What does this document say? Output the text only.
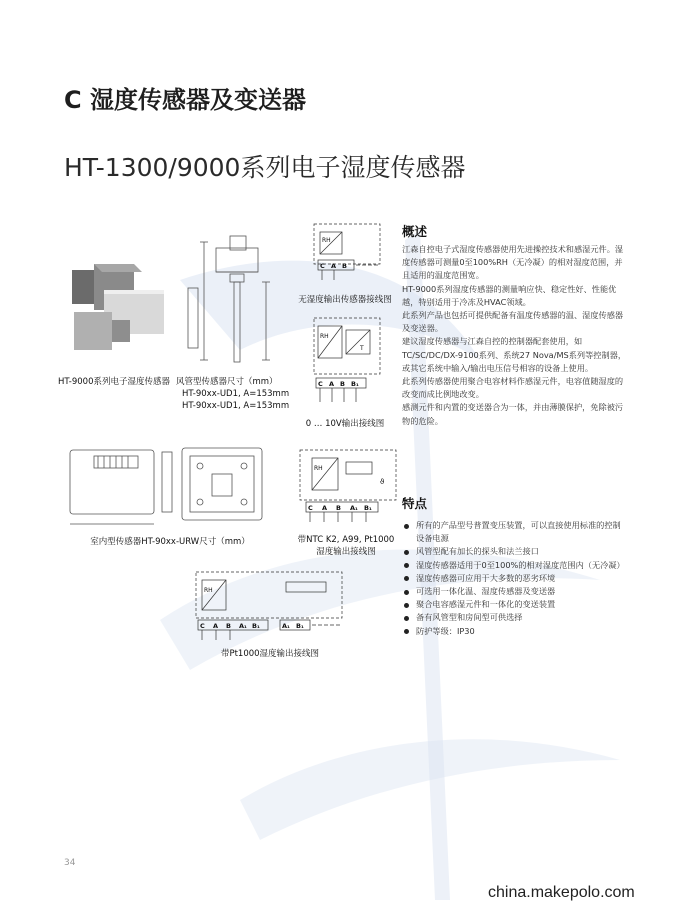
C 湿度传感器及变送器
HT-1300/9000系列电子湿度传感器
HT-9000系列电子湿度传感器 风管型传感器尺寸（mm）
HT-90xx-UD1, A=153mm
HT-90xx-UD1, A=153mm
RH
C A B
无湿度输出传感器接线图
RH
T
C A B B₁
0 … 10V输出接线图
室内型传感器HT-90xx-URW尺寸（mm）
RH
ϑ
C A B A₁ B₁
带NTC K2, A99, Pt1000
湿度输出接线图
RH
C A B A₁ B₁	A₁ B₁
带Pt1000湿度输出接线图
概述

江森自控电子式湿度传感器使用先进操控技术和感湿元件。湿度传感器可测量0至100%RH（无冷凝）的相对湿度范围，并且适用的温度范围宽。

HT-9000系列湿度传感器的测量响应快、稳定性好、性能优越，特别适用于冷冻及HVAC领域。

此系列产品也包括可提供配备有温度传感器的温、湿度传感器及变送器。

建议湿度传感器与江森自控的控制器配套使用，如TC/SC/DC/DX-9100系列、系统27 Nova/MS系列等控制器，或其它系统中输入/输出电压信号相容的设备上使用。

此系列传感器使用聚合电容材料作感湿元件，电容值随湿度的改变而成比例地改变。

感测元件和内置的变送器合为一体，并由薄膜保护，免除被污物的危险。

特点
所有的产品型号普置变压装置，可以直接使用标准的控制设备电源
风管型配有加长的探头和法兰接口
湿度传感器适用于0至100%的相对湿度范围内（无冷凝）
湿度传感器可应用于大多数的恶劣环境
可选用一体化温、湿度传感器及变送器
聚合电容感湿元件和一体化的变送装置
备有风管型和房间型可供选择
防护等级：IP30
34
china.makepolo.com
